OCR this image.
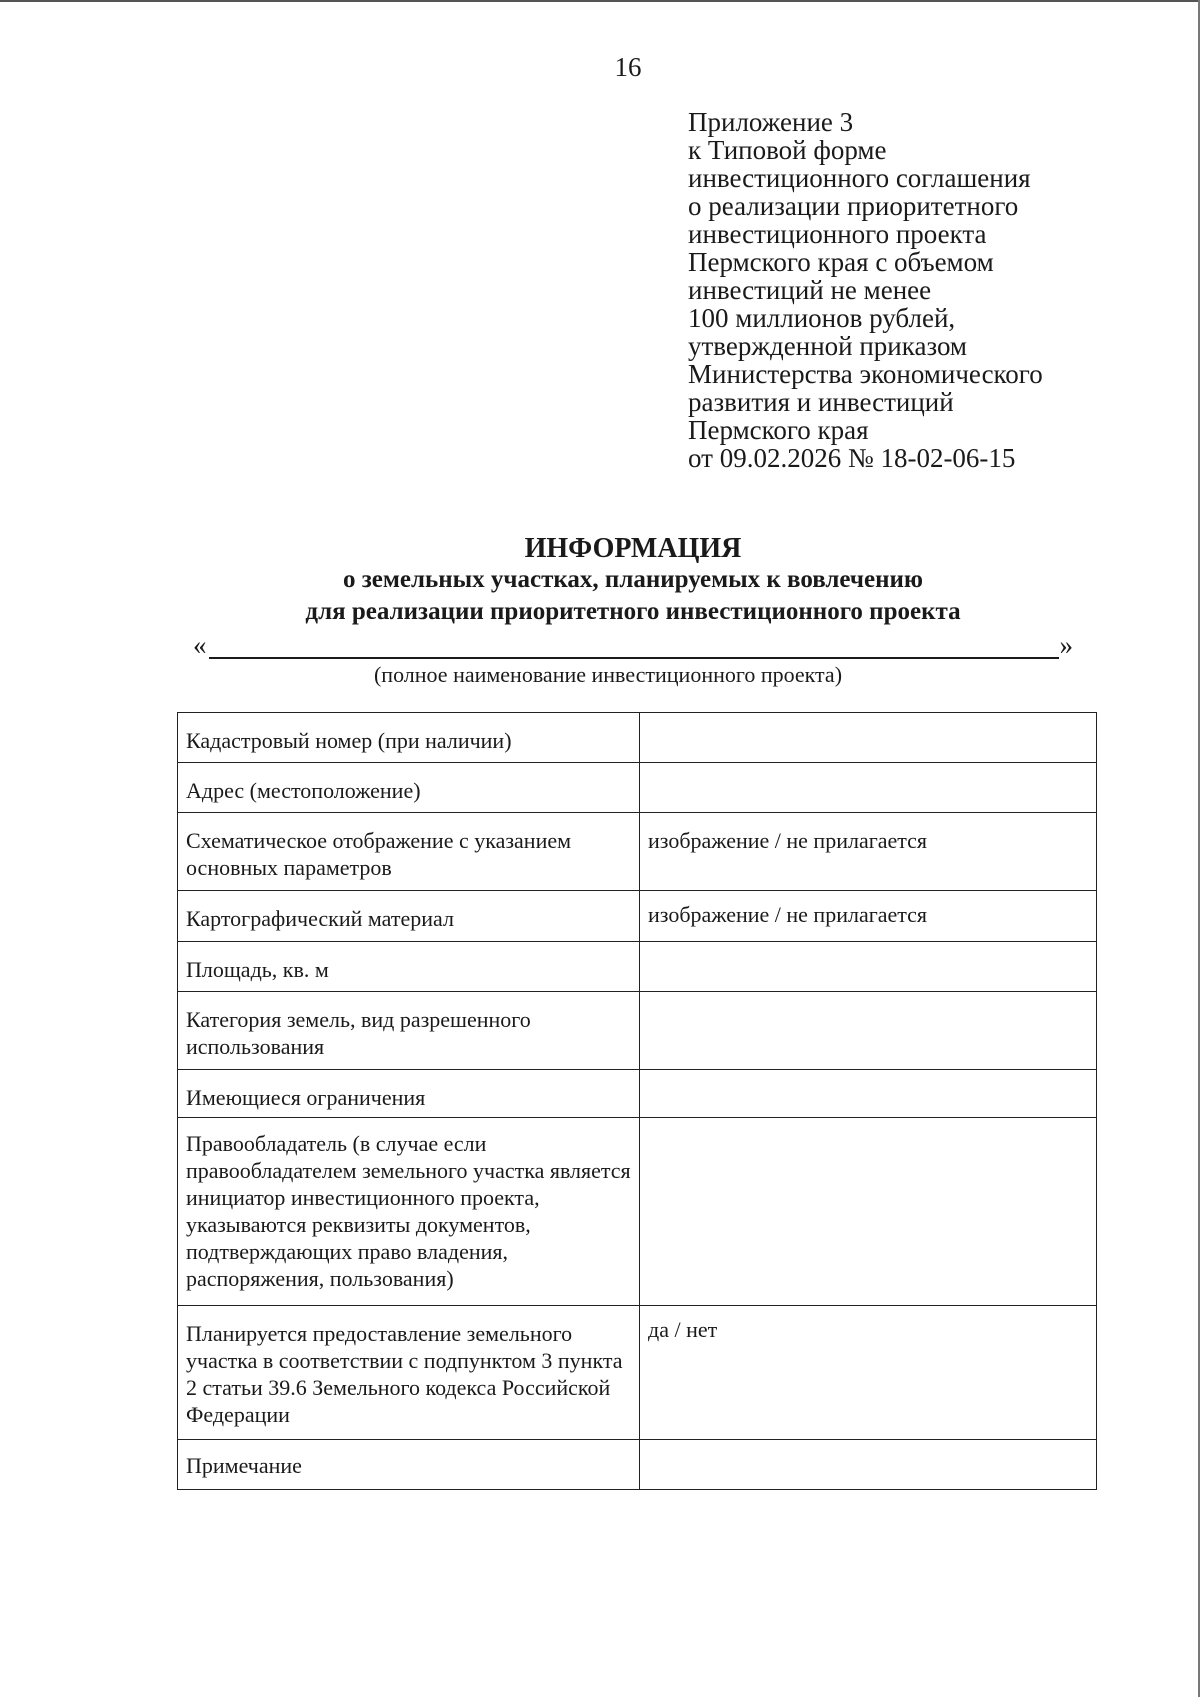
16
Приложение 3
к Типовой форме
инвестиционного соглашения
о реализации приоритетного
инвестиционного проекта
Пермского края с объемом
инвестиций не менее
100 миллионов рублей,
утвержденной приказом
Министерства экономического
развития и инвестиций
Пермского края
от 09.02.2026 № 18-02-06-15
ИНФОРМАЦИЯ
о земельных участках, планируемых к вовлечению
для реализации приоритетного инвестиционного проекта
«	»
(полное наименование инвестиционного проекта)
Кадастровый номер (при наличии)	
Адрес (местоположение)	
Схематическое отображение с указанием основных параметров	изображение / не прилагается
Картографический материал	изображение / не прилагается
Площадь, кв. м	
Категория земель, вид разрешенного использования	
Имеющиеся ограничения	
Правообладатель (в случае если правообладателем земельного участка является инициатор инвестиционного проекта, указываются реквизиты документов, подтверждающих право владения, распоряжения, пользования)	
Планируется предоставление земельного участка в соответствии с подпунктом 3 пункта 2 статьи 39.6 Земельного кодекса Российской Федерации	да / нет
Примечание	
